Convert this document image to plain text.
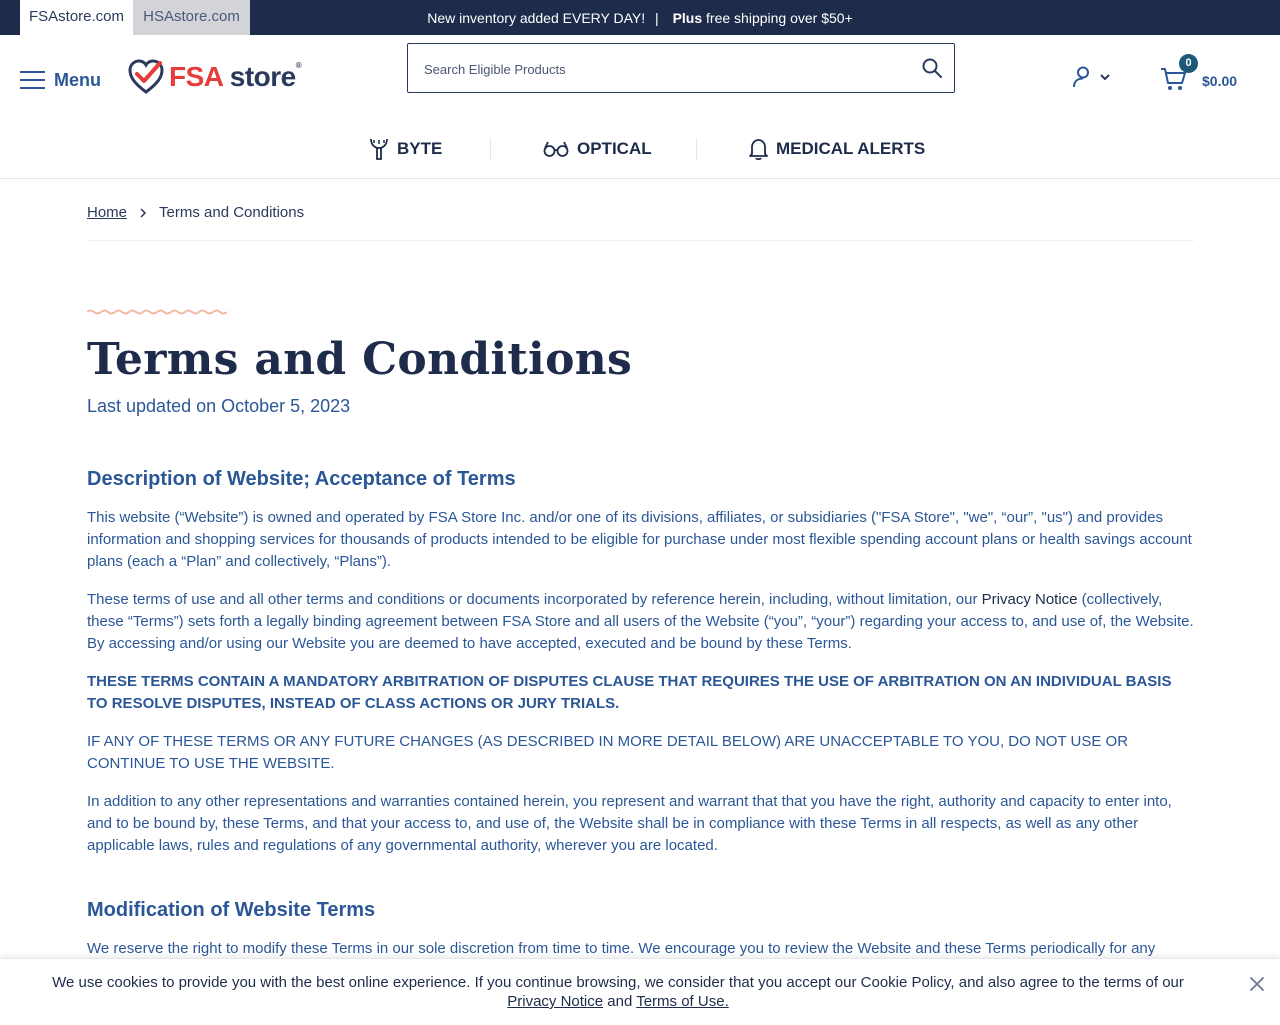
FSAstore.com	HSAstore.com	New inventory added EVERY DAY! | Plus free shipping over $50+
Menu FSA store®
Search Eligible Products	0
$0.00
BYTE	OPTICAL	MEDICAL ALERTS
Home Terms and Conditions
Terms and Conditions
Last updated on October 5, 2023
Description of Website; Acceptance of Terms

This website (“Website”) is owned and operated by FSA Store Inc. and/or one of its divisions, affiliates, or subsidiaries ("FSA Store", "we", “our”, "us") and provides information and shopping services for thousands of products intended to be eligible for purchase under most flexible spending account plans or health savings account plans (each a “Plan” and collectively, “Plans”).

These terms of use and all other terms and conditions or documents incorporated by reference herein, including, without limitation, our Privacy Notice (collectively, these “Terms”) sets forth a legally binding agreement between FSA Store and all users of the Website (“you”, “your”) regarding your access to, and use of, the Website. By accessing and/or using our Website you are deemed to have accepted, executed and be bound by these Terms.

THESE TERMS CONTAIN A MANDATORY ARBITRATION OF DISPUTES CLAUSE THAT REQUIRES THE USE OF ARBITRATION ON AN INDIVIDUAL BASIS TO RESOLVE DISPUTES, INSTEAD OF CLASS ACTIONS OR JURY TRIALS.

IF ANY OF THESE TERMS OR ANY FUTURE CHANGES (AS DESCRIBED IN MORE DETAIL BELOW) ARE UNACCEPTABLE TO YOU, DO NOT USE OR CONTINUE TO USE THE WEBSITE.

In addition to any other representations and warranties contained herein, you represent and warrant that that you have the right, authority and capacity to enter into, and to be bound by, these Terms, and that your access to, and use of, the Website shall be in compliance with these Terms in all respects, as well as any other applicable laws, rules and regulations of any governmental authority, wherever you are located.

Modification of Website Terms

We reserve the right to modify these Terms in our sole discretion from time to time. We encourage you to review the Website and these Terms periodically for any

We use cookies to provide you with the best online experience. If you continue browsing, we consider that you accept our Cookie Policy, and also agree to the terms of our
Privacy Notice and Terms of Use.
